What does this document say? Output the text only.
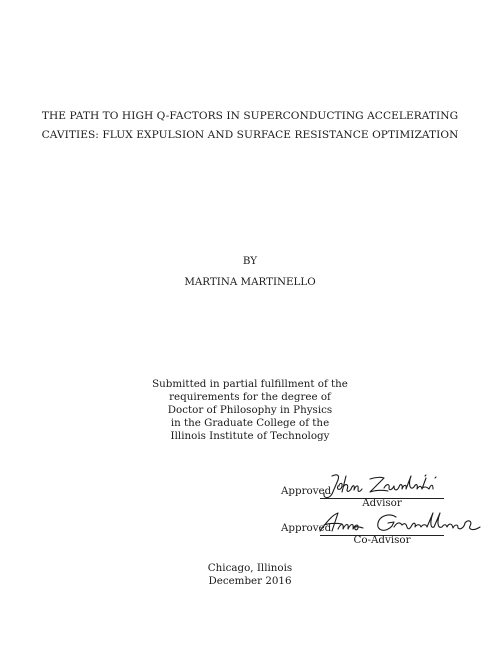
THE PATH TO HIGH Q-FACTORS IN SUPERCONDUCTING ACCELERATING
CAVITIES: FLUX EXPULSION AND SURFACE RESISTANCE OPTIMIZATION
BY
MARTINA MARTINELLO
Submitted in partial fulfillment of the
requirements for the degree of
Doctor of Philosophy in Physics
in the Graduate College of the
Illinois Institute of Technology
Approved
Advisor
Approved
Co-Advisor
Chicago, Illinois
December 2016
